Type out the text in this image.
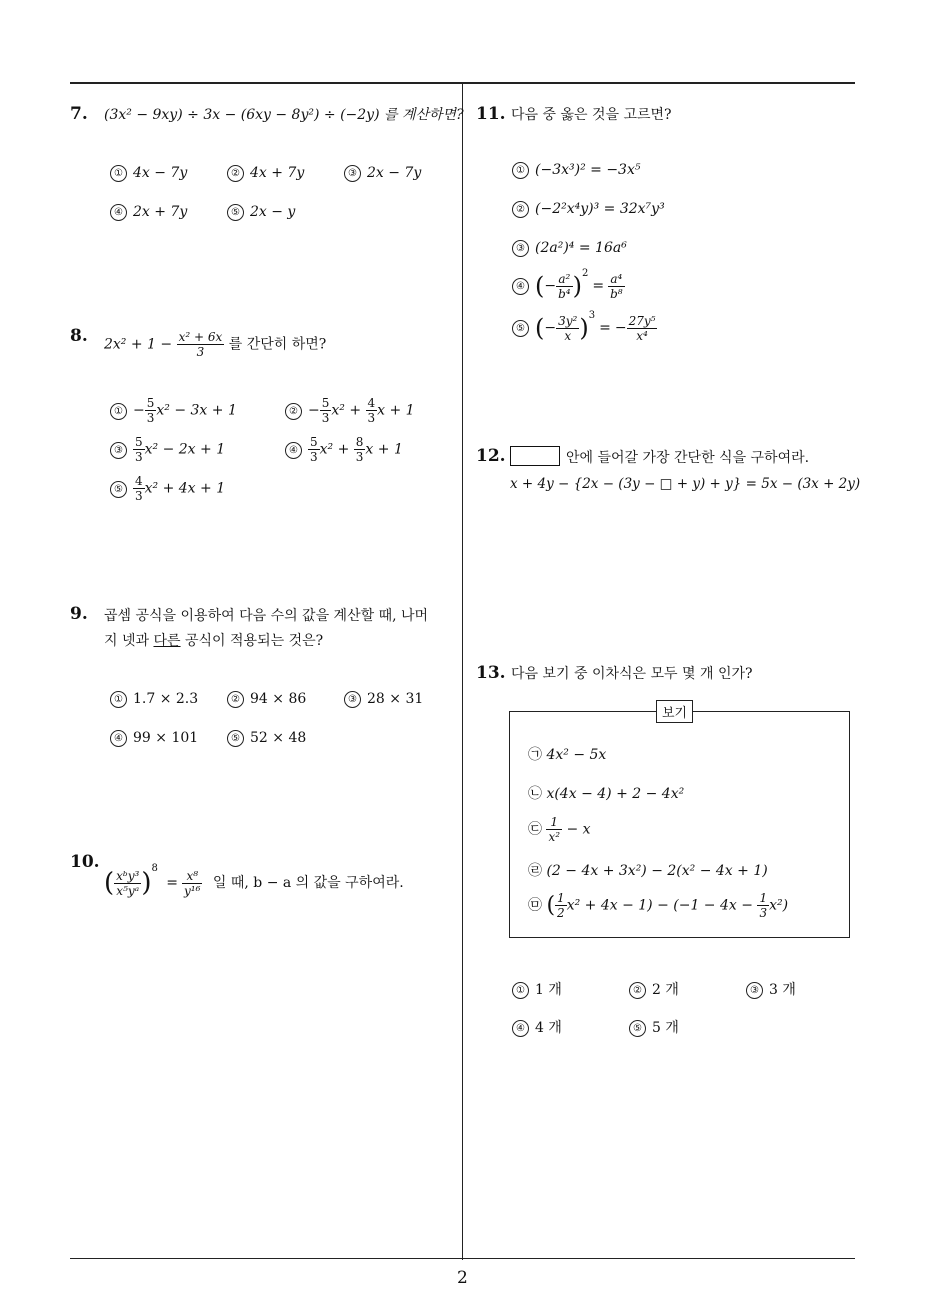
2
7. (3x² − 9xy) ÷ 3x − (6xy − 8y²) ÷ (−2y) 를 계산하면?
① 4x − 7y	② 4x + 7y	③ 2x − 7y
④ 2x + 7y	⑤ 2x − y
8. $2x^2 + 1 - \frac{\text{x² + 6x}}{3}$ 를 간단히 하면?
① − $\frac{5}{3} x^2 - 3x + 1$	② − $\frac{5}{3} x^2 + \frac{4}{3}$ x + 1
③ $\frac{5}{3} x^2 - 2x + 1$	④ $\frac{5}{3} x^2 + \frac{8}{3}$ x + 1
⑤ $\frac{4}{3} x^2 + 4x + 1$
9. 곱셈 공식을 이용하여 다음 수의 값을 계산할 때, 나머
지 넷과 다른 공식이 적용되는 것은?
① 1.7 × 2.3	② 94 × 86	③ 28 × 31
④ 99 × 101	⑤ 52 × 48
10.
( $\frac{\text{xᵇy³}}{\text{x⁵yᵃ}} )^8 = \frac{\text{x⁸}}{\text{y¹⁶}}$ 일 때, b − a 의 값을 구하여라.
11. 다음 중 옳은 것을 고르면?
① (−3x³)² = −3x⁵
② (−2²x⁴y)³ = 32x⁷y³
③ (2a²)⁴ = 16a⁶
④ (− $\frac{\text{a²}}{\text{b⁴}} )^2= \frac{\text{a⁴}}{\text{b⁸}}$
⑤ (− $\frac{\text{3y²}}{x} )^3= - \frac{\text{27y⁵}}{\text{x⁴}}$
12.	안에 들어갈 가장 간단한 식을 구하여라.
x + 4y − {2x − (3y − □ + y) + y} = 5x − (3x + 2y)
13. 다음 보기 중 이차식은 모두 몇 개 인가?
보기
㉠ 4x² − 5x
㉡ x(4x − 4) + 2 − 4x²
㉢ $\frac{1}{\text{x²}} - x$
㉣ (2 − 4x + 3x²) − 2(x² − 4x + 1)
㉤ ( $\frac{1}{2} x^2 + 4x - 1) - (-1 - 4x - \frac{1}{3} x^2)$
① 1 개	② 2 개	③ 3 개
④ 4 개	⑤ 5 개
